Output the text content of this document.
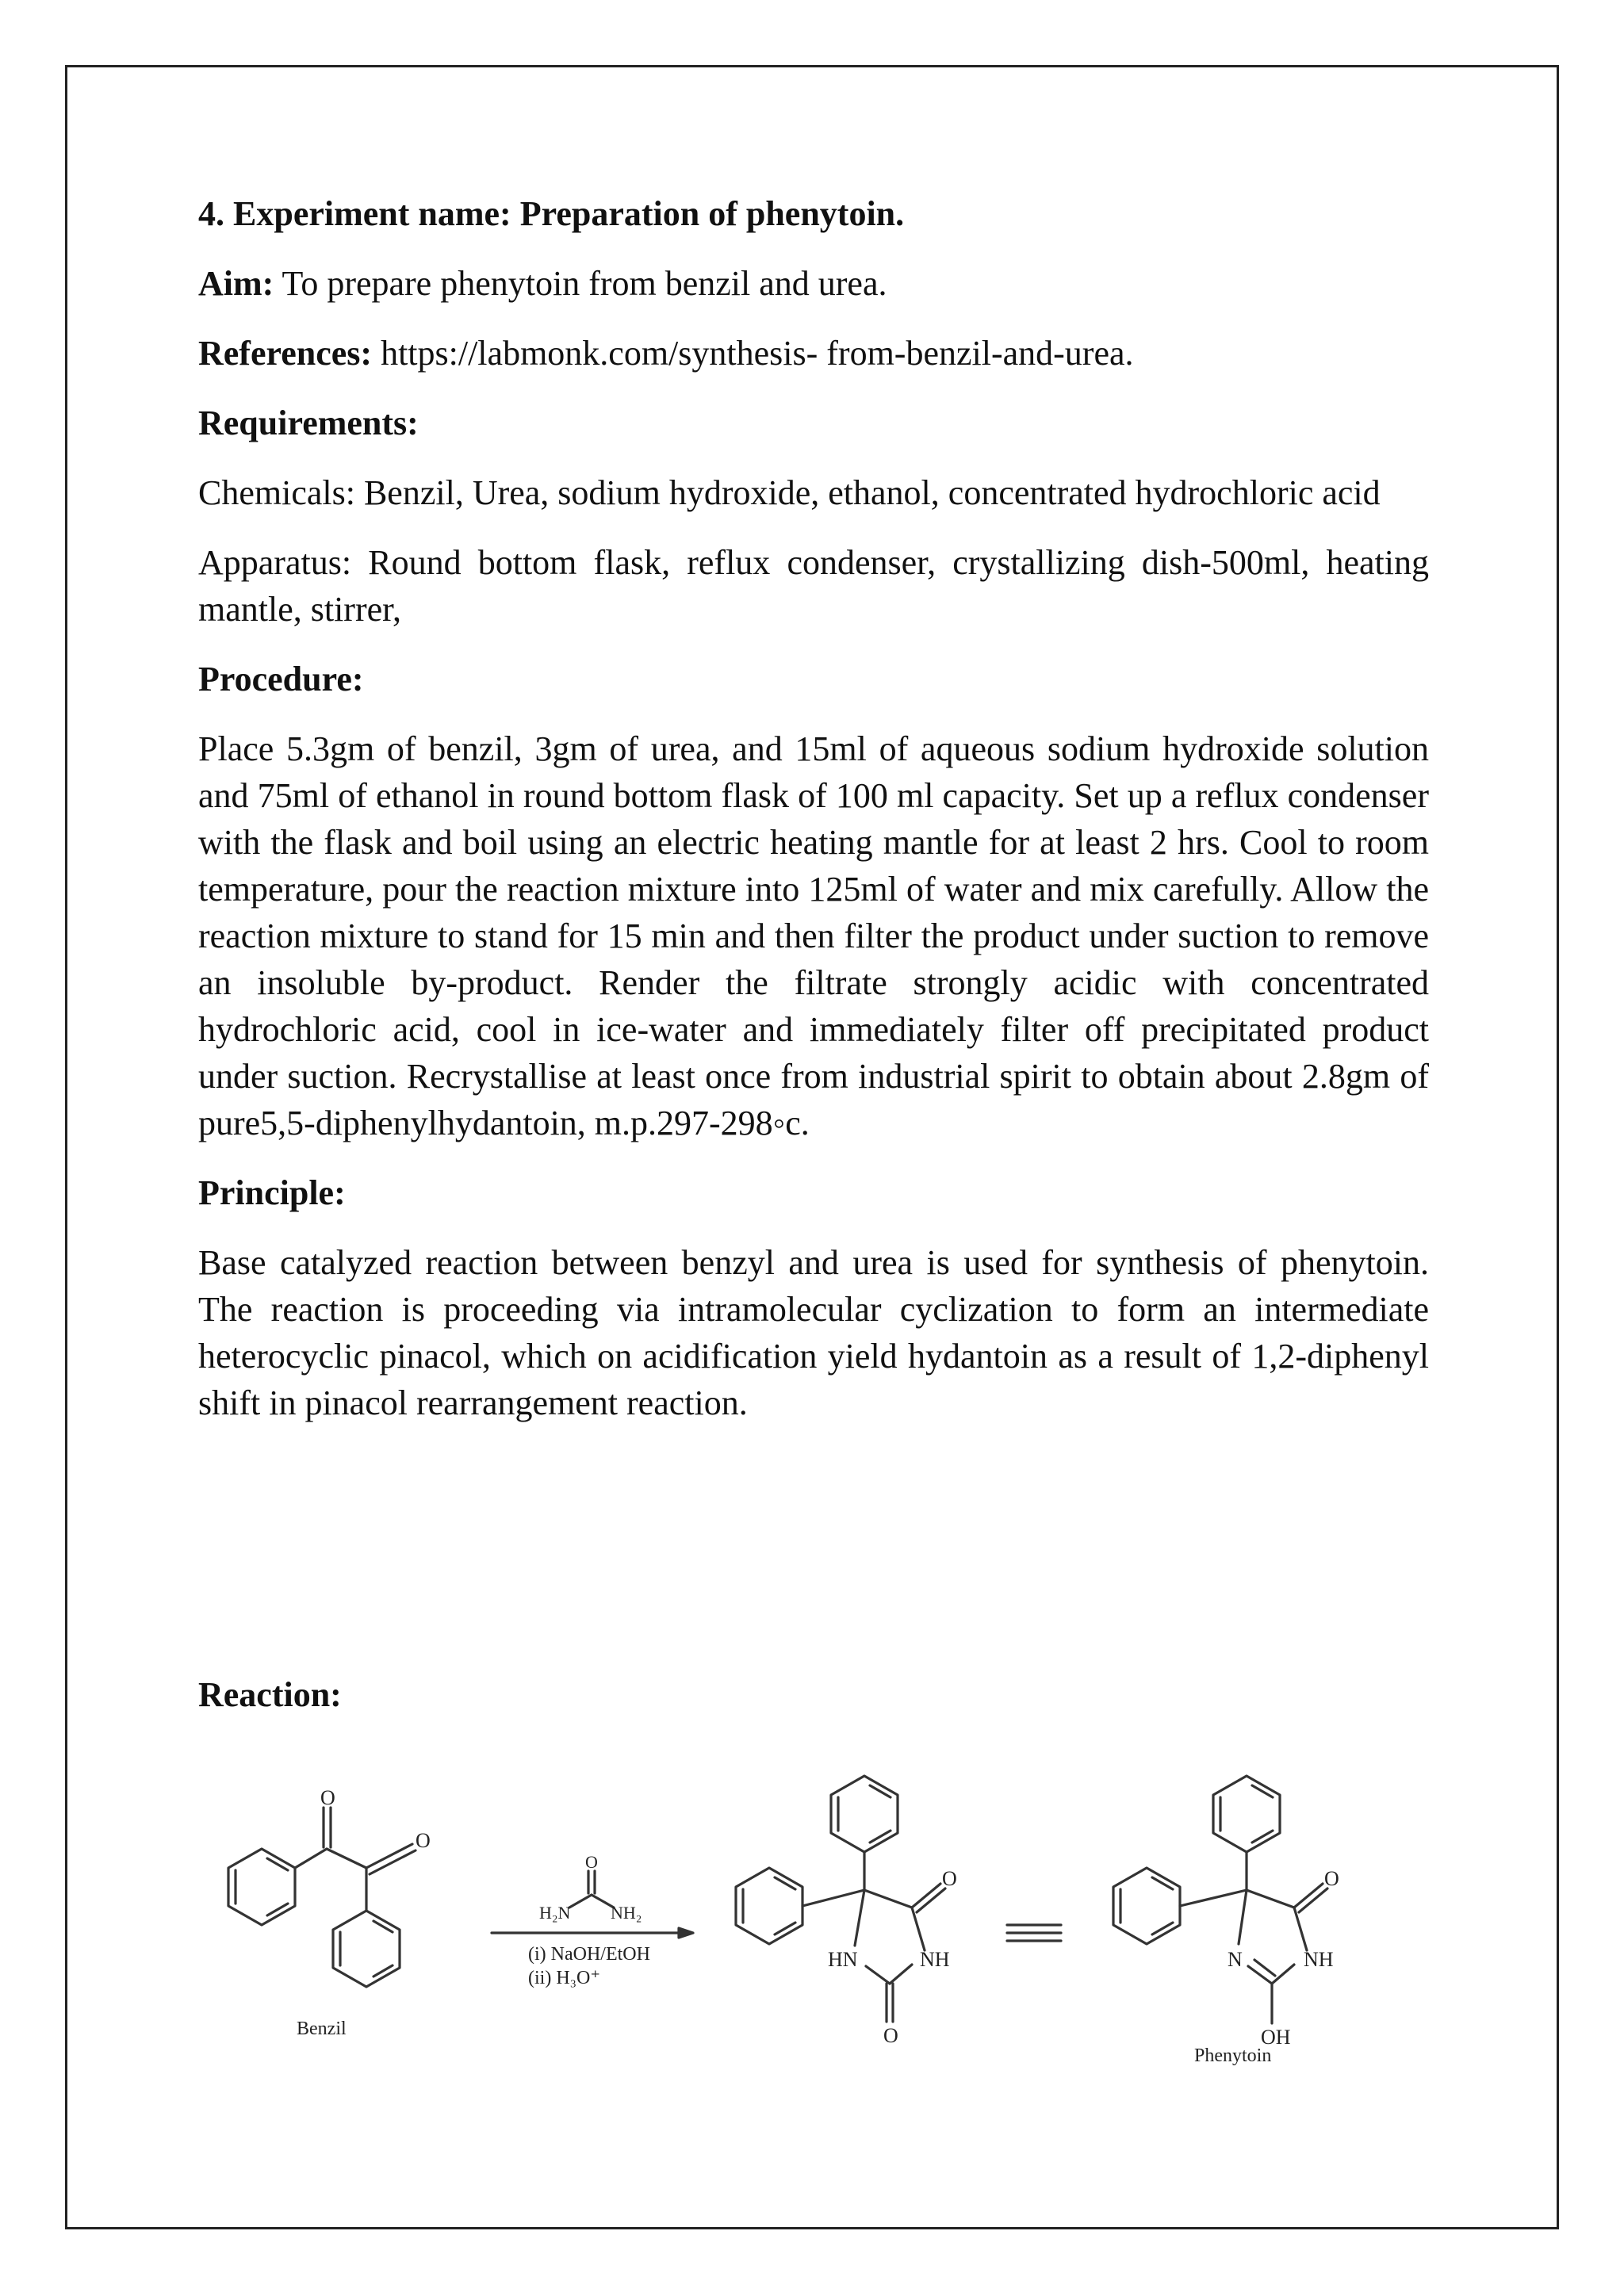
4. Experiment name: Preparation of phenytoin.

Aim: To prepare phenytoin from benzil and urea.

References: https://labmonk.com/synthesis- from-benzil-and-urea.

Requirements:

Chemicals: Benzil, Urea, sodium hydroxide, ethanol, concentrated hydrochloric acid

Apparatus: Round bottom flask, reflux condenser, crystallizing dish-500ml, heating mantle, stirrer,

Procedure:

Place 5.3gm of benzil, 3gm of urea, and 15ml of aqueous sodium hydroxide solution and 75ml of ethanol in round bottom flask of 100 ml capacity. Set up a reflux condenser with the flask and boil using an electric heating mantle for at least 2 hrs. Cool to room temperature, pour the reaction mixture into 125ml of water and mix carefully. Allow the reaction mixture to stand for 15 min and then filter the product under suction to remove an insoluble by-product. Render the filtrate strongly acidic with concentrated hydrochloric acid, cool in ice-water and immediately filter off precipitated product under suction. Recrystallise at least once from industrial spirit to obtain about 2.8gm of pure5,5-diphenylhydantoin, m.p.297-298◦c.

Principle:

Base catalyzed reaction between benzyl and urea is used for synthesis of phenytoin. The reaction is proceeding via intramolecular cyclization to form an intermediate heterocyclic pinacol, which on acidification yield hydantoin as a result of 1,2-diphenyl shift in pinacol rearrangement reaction.

Reaction:

O
O
H₂N NH₂
O
O
HN	NH
O
O
N	NH
OH
(i) NaOH/EtOH
(ii) H₃O⁺
Benzil
Phenytoin
